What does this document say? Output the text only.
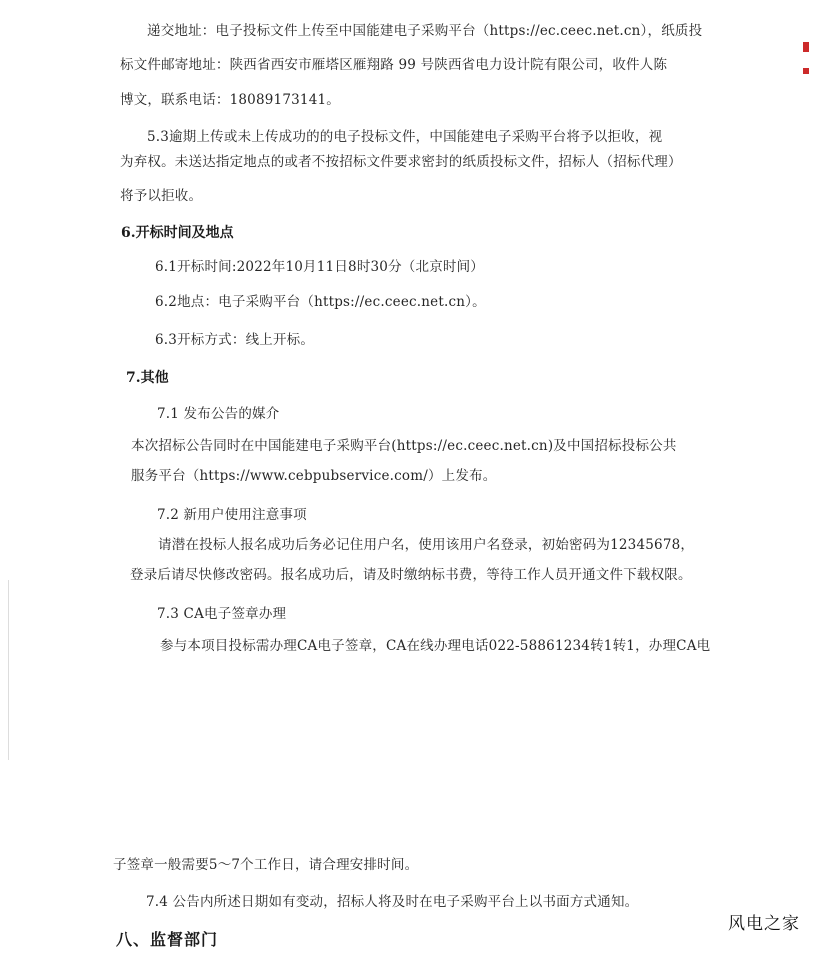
递交地址：电子投标文件上传至中国能建电子采购平台（https://ec.ceec.net.cn），纸质投
标文件邮寄地址：陕西省西安市雁塔区雁翔路 99 号陕西省电力设计院有限公司，收件人陈
博文，联系电话：18089173141。
5.3逾期上传或未上传成功的的电子投标文件，中国能建电子采购平台将予以拒收，视
为弃权。未送达指定地点的或者不按招标文件要求密封的纸质投标文件，招标人（招标代理）
将予以拒收。
6.开标时间及地点
6.1开标时间:2022年10月11日8时30分（北京时间）
6.2地点：电子采购平台（https://ec.ceec.net.cn）。
6.3开标方式：线上开标。
7.其他
7.1 发布公告的媒介
本次招标公告同时在中国能建电子采购平台(https://ec.ceec.net.cn)及中国招标投标公共
服务平台（https://www.cebpubservice.com/）上发布。
7.2 新用户使用注意事项
请潜在投标人报名成功后务必记住用户名，使用该用户名登录，初始密码为12345678，
登录后请尽快修改密码。报名成功后，请及时缴纳标书费，等待工作人员开通文件下载权限。
7.3 CA电子签章办理
参与本项目投标需办理CA电子签章，CA在线办理电话022-58861234转1转1，办理CA电
子签章一般需要5～7个工作日，请合理安排时间。
7.4 公告内所述日期如有变动，招标人将及时在电子采购平台上以书面方式通知。
八、监督部门
风电之家
